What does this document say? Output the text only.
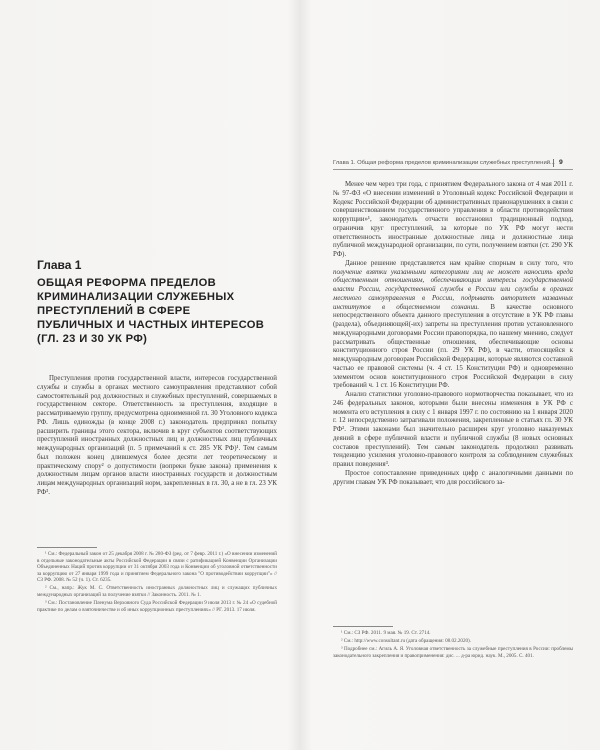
Глава 1
ОБЩАЯ РЕФОРМА ПРЕДЕЛОВ КРИМИНАЛИЗАЦИИ СЛУЖЕБНЫХ ПРЕСТУПЛЕНИЙ В СФЕРЕ ПУБЛИЧНЫХ И ЧАСТНЫХ ИНТЕРЕСОВ (ГЛ. 23 И 30 УК РФ)

Преступления против государственной власти, интересов государственной службы и службы в органах местного самоуправления представляют собой самостоятельный род должностных и служебных преступлений, совершаемых в государственном секторе. Ответственность за преступления, входящие в рассматриваемую группу, предусмотрена одноименной гл. 30 Уголовного кодекса РФ. Лишь единожды (в конце 2008 г.) законодатель предпринял попытку расширить границы этого сектора, включив в круг субъектов соответствующих преступлений иностранных должностных лиц и должностных лиц публичных международных организаций (п. 5 примечаний к ст. 285 УК РФ)¹. Тем самым был положен конец длившемуся более десяти лет теоретическому и практическому спору² о допустимости (вопреки букве закона) применения к должностным лицам органов власти иностранных государств и должностным лицам международных организаций норм, закрепленных в гл. 30, а не в гл. 23 УК РФ³.

¹ См.: Федеральный закон от 25 декабря 2008 г. № 280-ФЗ (ред. от 7 февр. 2011 г.) «О внесении изменений в отдельные законодательные акты Российской Федерации в связи с ратификацией Конвенции Организации Объединенных Наций против коррупции от 31 октября 2003 года и Конвенции об уголовной ответственности за коррупцию от 27 января 1999 года и принятием Федерального закона "О противодействии коррупции"» // СЗ РФ. 2008. № 52 (ч. 1). Ст. 6235.

² См., напр.: Жук М. С. Ответственность иностранных должностных лиц и служащих публичных международных организаций за получение взятки // Законность. 2011. № 1.

³ См.: Постановление Пленума Верховного Суда Российской Федерации 9 июля 2013 г. № 24 «О судебной практике по делам о взяточничестве и об иных коррупционных преступлениях» // РГ. 2013. 17 июля.

Глава 1. Общая реформа пределов криминализации служебных преступлений... 9

Менее чем через три года, с принятием Федерального закона от 4 мая 2011 г. № 97-ФЗ «О внесении изменений в Уголовный кодекс Российской Федерации и Кодекс Российской Федерации об административных правонарушениях в связи с совершенствованием государственного управления в области противодействия коррупции»¹, законодатель отчасти восстановил традиционный подход, ограничив круг преступлений, за которые по УК РФ могут нести ответственность иностранные должностные лица и должностные лица публичной международной организации, по сути, получением взятки (ст. 290 УК РФ).

Данное решение представляется нам крайне спорным в силу того, что получение взятки указанными категориями лиц не может наносить вреда общественным отношениям, обеспечивающим интересы государственной власти России, государственной службы в России или службы в органах местного самоуправления в России, подрывать авторитет названных институтов в общественном сознании. В качестве основного непосредственного объекта данного преступления в отсутствие в УК РФ главы (раздела), объединяющей(-их) запреты на преступления против установленного международными договорами России правопорядка, по нашему мнению, следует рассматривать общественные отношения, обеспечивающие основы конституционного строя России (гл. 29 УК РФ), в части, относящейся к международным договорам Российской Федерации, которые являются составной частью ее правовой системы (ч. 4 ст. 15 Конституции РФ) и одновременно элементом основ конституционного строя Российской Федерации в силу требований ч. 1 ст. 16 Конституции РФ.

Анализ статистики уголовно-правового нормотворчества показывает, что из 246 федеральных законов, которыми были внесены изменения в УК РФ с момента его вступления в силу с 1 января 1997 г. по состоянию на 1 января 2020 г. 12 непосредственно затрагивали положения, закрепленные в статьях гл. 30 УК РФ². Этими законами был значительно расширен круг уголовно наказуемых деяний в сфере публичной власти и публичной службы (8 новых основных составов преступлений). Тем самым законодатель продолжил развивать тенденцию усиления уголовно-правового контроля за соблюдением служебных правил поведения³.

Простое сопоставление приведенных цифр с аналогичными данными по другим главам УК РФ показывает, что для российского за-

¹ См.: СЗ РФ. 2011. 9 мая. № 19. Ст. 2714.

² См.: http://www.consultant.ru (дата обращения: 08.02.2020).

³ Подробнее см.: Агиль А. Я. Уголовная ответственность за служебные преступления в России: проблемы законодательного закрепления и правоприменения: дис. ... д-ра юрид. наук. М., 2005. С. 401.
